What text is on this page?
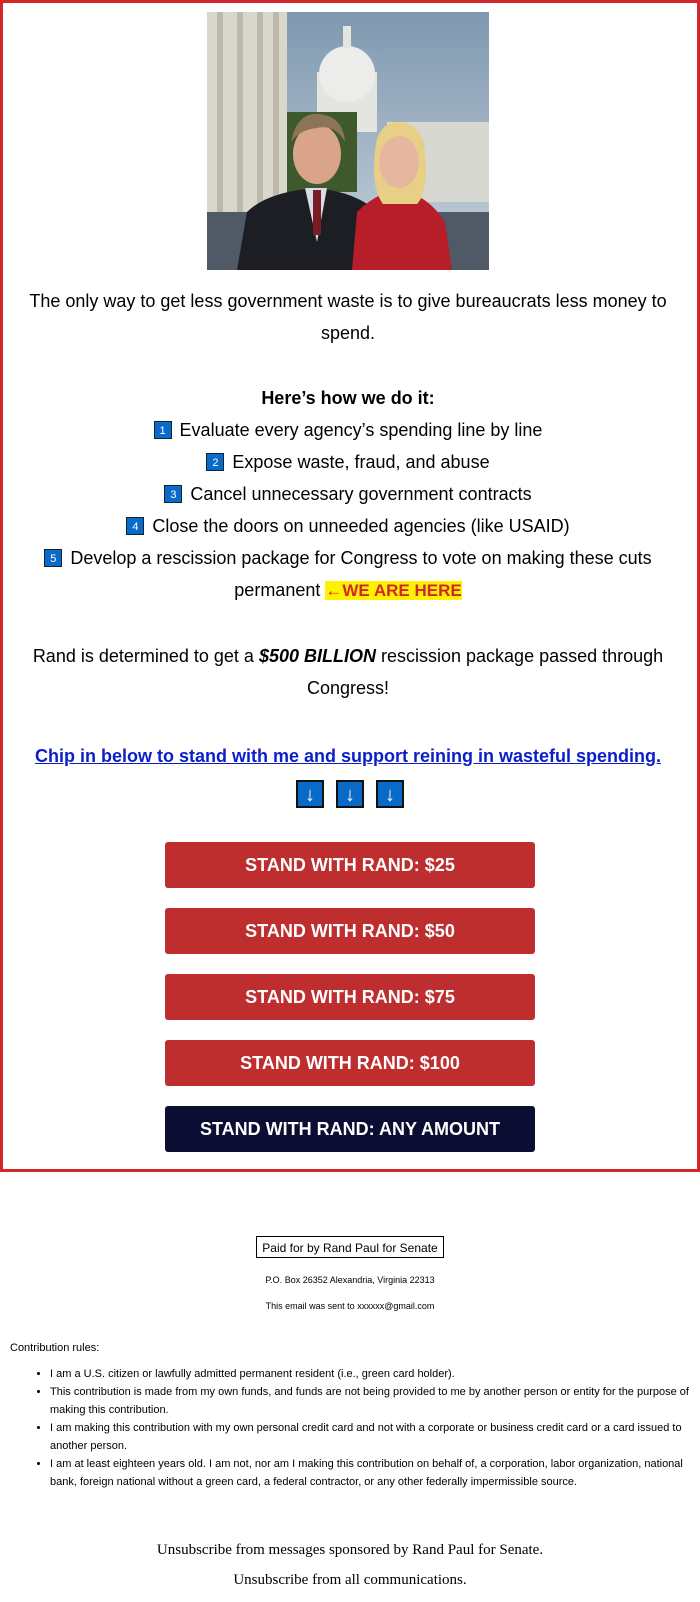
The only way to get less government waste is to give bureaucrats less money to spend.
Here’s how we do it:
1 Evaluate every agency’s spending line by line
2 Expose waste, fraud, and abuse
3 Cancel unnecessary government contracts
4 Close the doors on unneeded agencies (like USAID)
5 Develop a rescission package for Congress to vote on making these cuts permanent ←WE ARE HERE
Rand is determined to get a $500 BILLION rescission package passed through Congress!
Chip in below to stand with me and support reining in wasteful spending.
↓ ↓ ↓
STAND WITH RAND: $25
STAND WITH RAND: $50
STAND WITH RAND: $75
STAND WITH RAND: $100
STAND WITH RAND: ANY AMOUNT
Paid for by Rand Paul for Senate
P.O. Box 26352 Alexandria, Virginia 22313
This email was sent to xxxxxx@gmail.com
Contribution rules:
• I am a U.S. citizen or lawfully admitted permanent resident (i.e., green card holder).
• This contribution is made from my own funds, and funds are not being provided to me by another person or entity for the purpose of making this contribution.
• I am making this contribution with my own personal credit card and not with a corporate or business credit card or a card issued to another person.
• I am at least eighteen years old. I am not, nor am I making this contribution on behalf of, a corporation, labor organization, national bank, foreign national without a green card, a federal contractor, or any other federally impermissible source.
Unsubscribe from messages sponsored by Rand Paul for Senate.
Unsubscribe from all communications.
